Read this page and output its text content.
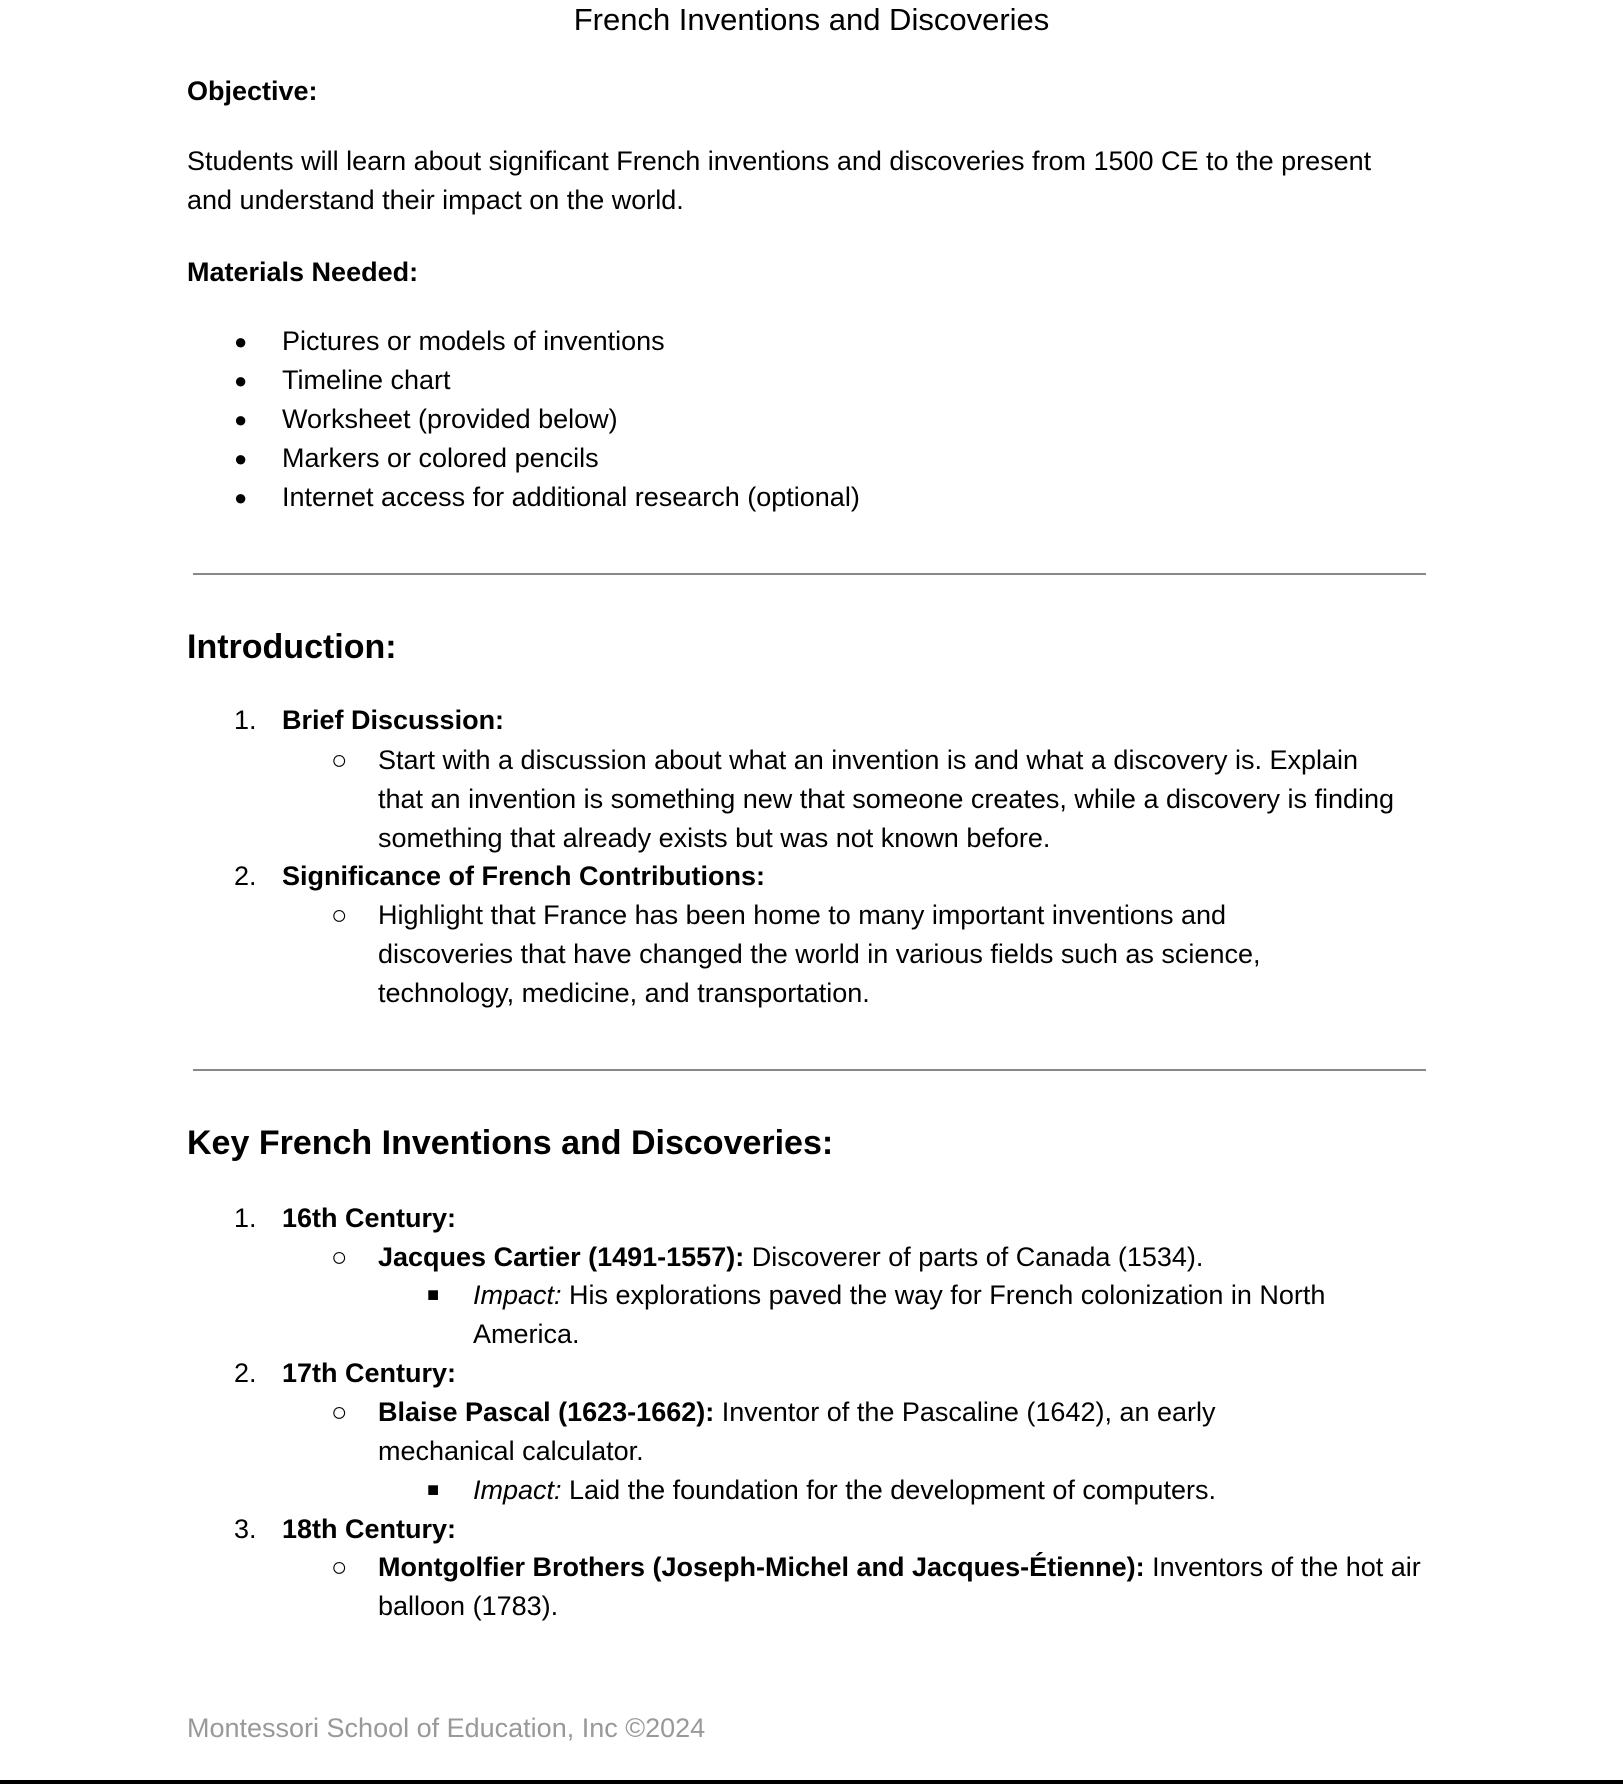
French Inventions and Discoveries
Objective:
Students will learn about significant French inventions and discoveries from 1500 CE to the present and understand their impact on the world.
Materials Needed:
● Pictures or models of inventions
● Timeline chart
● Worksheet (provided below)
● Markers or colored pencils
● Internet access for additional research (optional)
Introduction:
1. Brief Discussion:
○ Start with a discussion about what an invention is and what a discovery is. Explain that an invention is something new that someone creates, while a discovery is finding something that already exists but was not known before.
2. Significance of French Contributions:
○ Highlight that France has been home to many important inventions and discoveries that have changed the world in various fields such as science, technology, medicine, and transportation.
Key French Inventions and Discoveries:
1. 16th Century:
○ Jacques Cartier (1491-1557): Discoverer of parts of Canada (1534).
■ Impact: His explorations paved the way for French colonization in North America.
2. 17th Century:
○ Blaise Pascal (1623-1662): Inventor of the Pascaline (1642), an early mechanical calculator.
■ Impact: Laid the foundation for the development of computers.
3. 18th Century:
○ Montgolfier Brothers (Joseph-Michel and Jacques-Étienne): Inventors of the hot air balloon (1783).
Montessori School of Education, Inc ©2024
